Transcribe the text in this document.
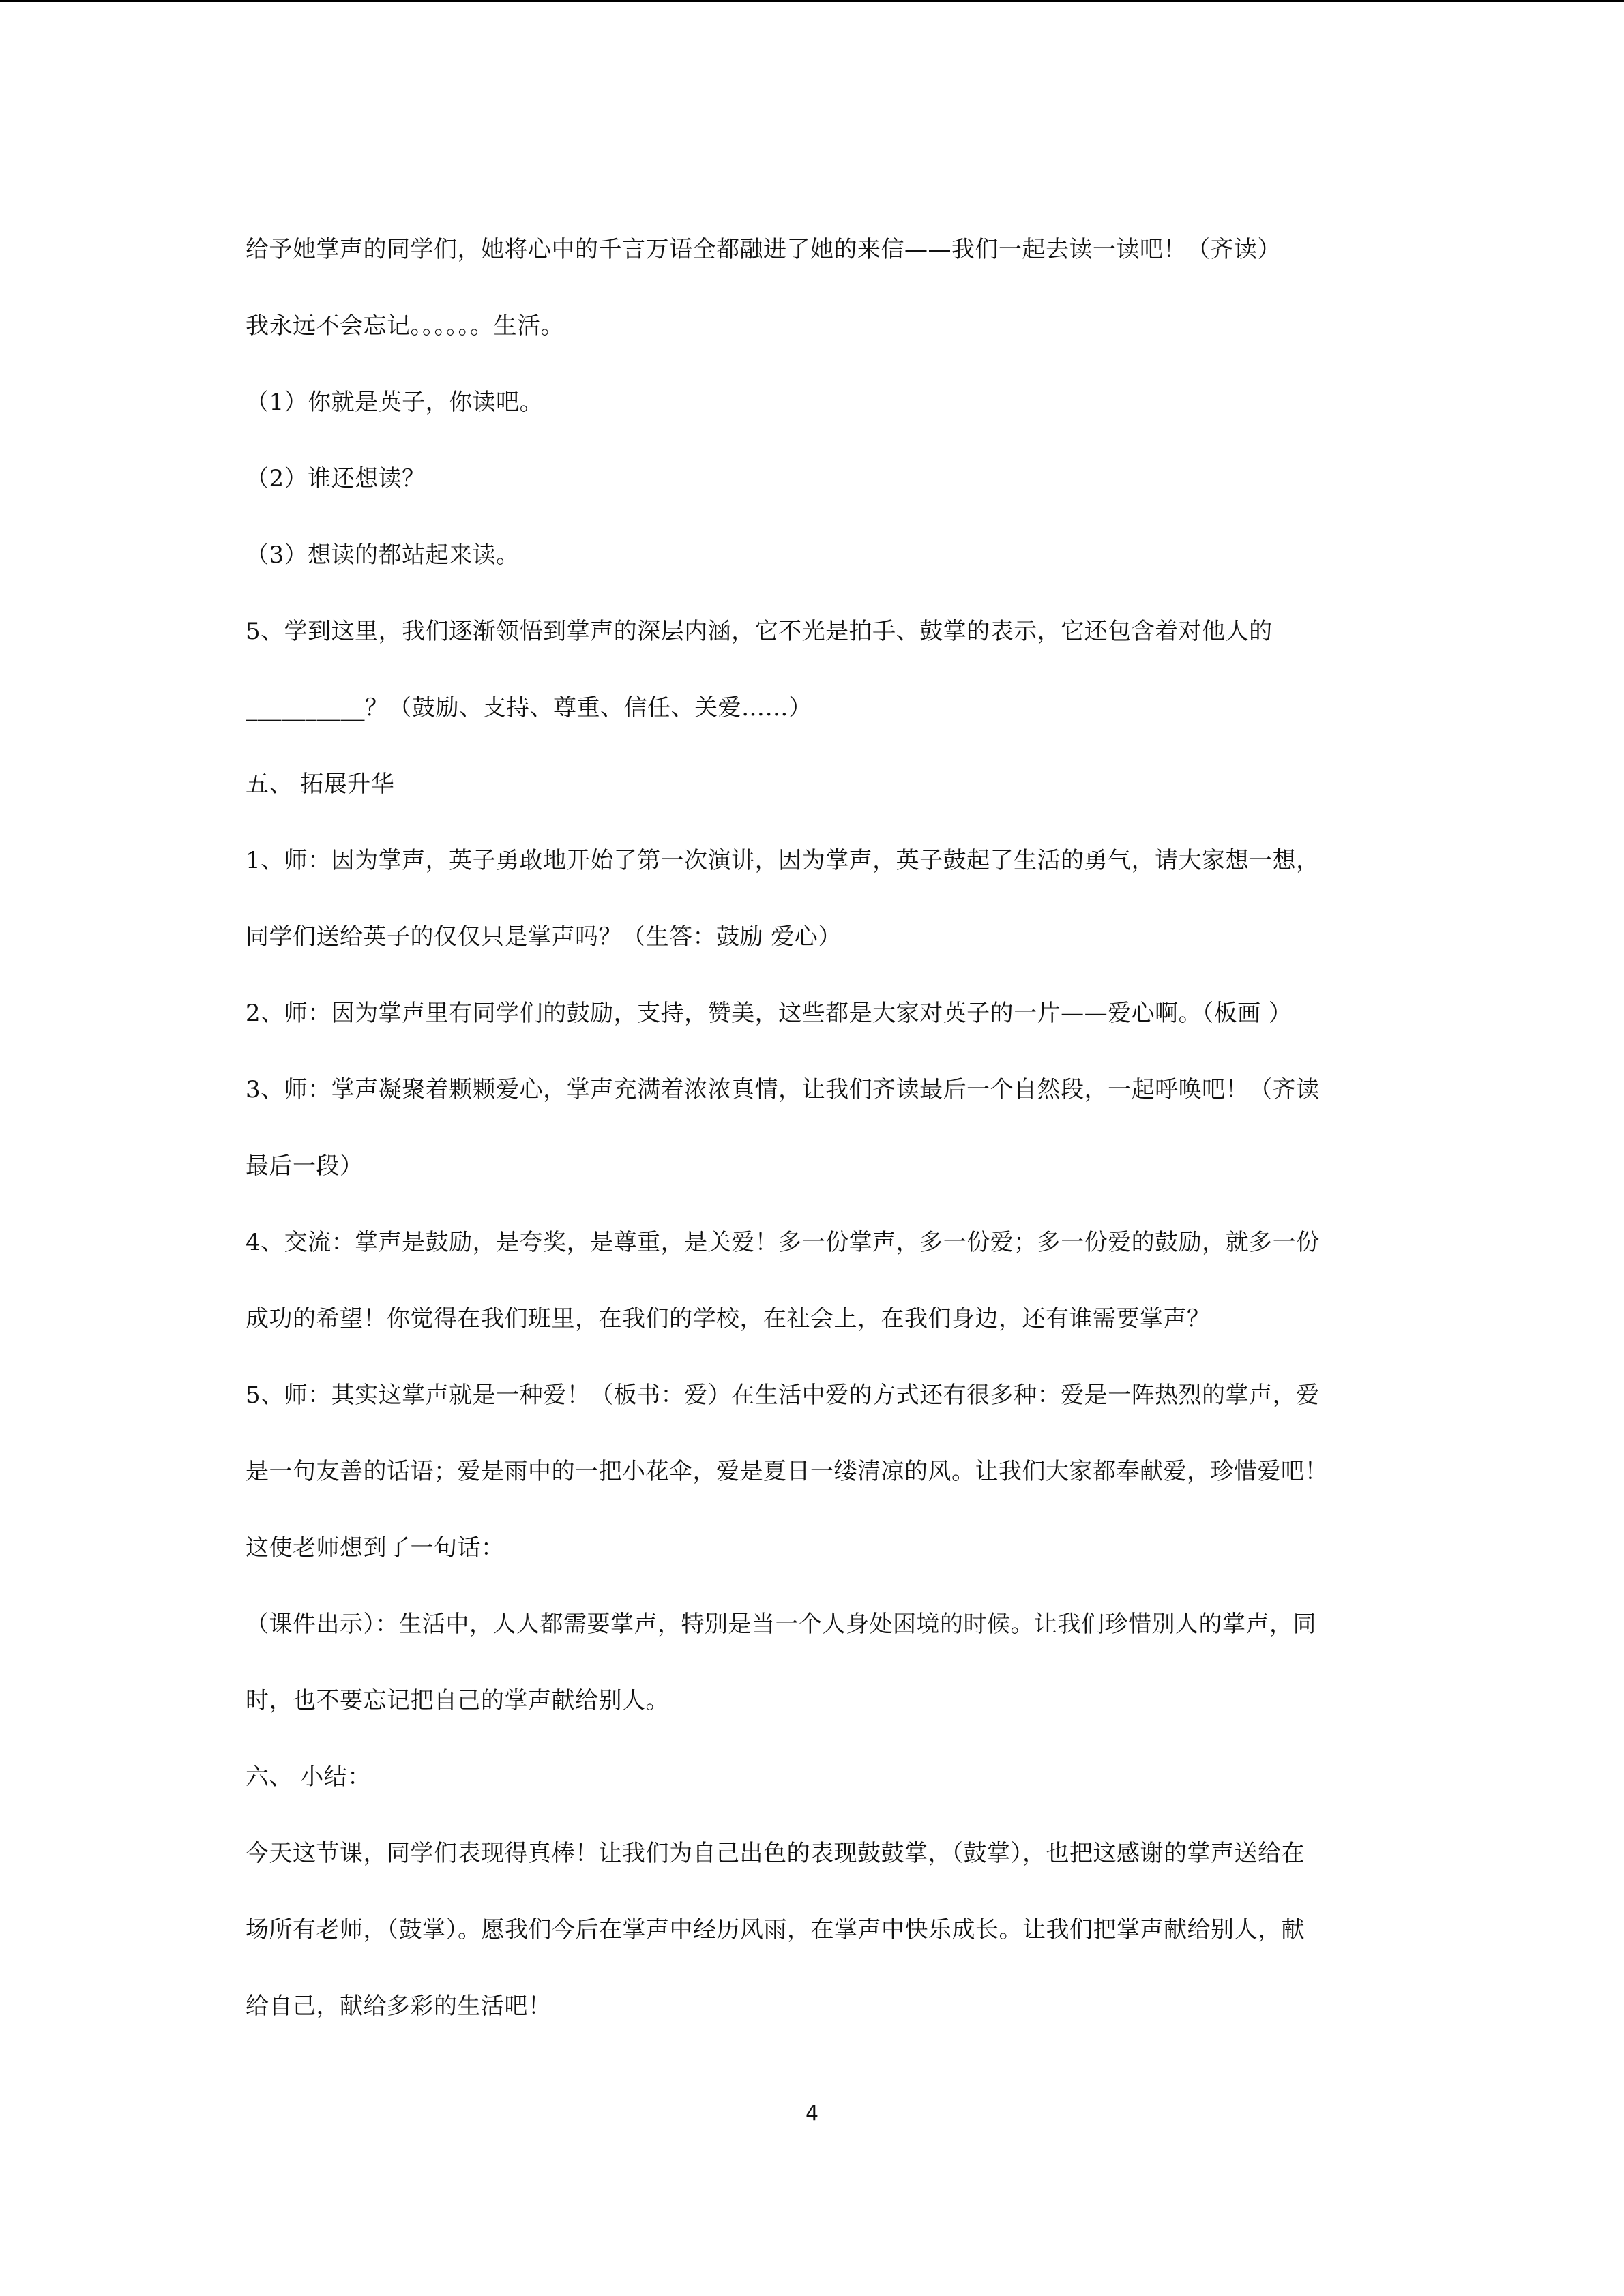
给予她掌声的同学们，她将心中的千言万语全都融进了她的来信——我们一起去读一读吧！（齐读）
我永远不会忘记。。。。。。生活。
（1）你就是英子，你读吧。
（2）谁还想读？
（3）想读的都站起来读。
5、学到这里，我们逐渐领悟到掌声的深层内涵，它不光是拍手、鼓掌的表示，它还包含着对他人的
__________？（鼓励、支持、尊重、信任、关爱……）
五、 拓展升华
1、师：因为掌声，英子勇敢地开始了第一次演讲，因为掌声，英子鼓起了生活的勇气，请大家想一想，
同学们送给英子的仅仅只是掌声吗？（生答：鼓励 爱心）
2、师：因为掌声里有同学们的鼓励，支持，赞美，这些都是大家对英子的一片——爱心啊。（板画 ）
3、师：掌声凝聚着颗颗爱心，掌声充满着浓浓真情，让我们齐读最后一个自然段，一起呼唤吧！（齐读
最后一段）
4、交流：掌声是鼓励，是夸奖，是尊重，是关爱！多一份掌声，多一份爱；多一份爱的鼓励，就多一份
成功的希望！你觉得在我们班里，在我们的学校，在社会上，在我们身边，还有谁需要掌声？
5、师：其实这掌声就是一种爱！（板书：爱）在生活中爱的方式还有很多种：爱是一阵热烈的掌声，爱
是一句友善的话语；爱是雨中的一把小花伞，爱是夏日一缕清凉的风。让我们大家都奉献爱，珍惜爱吧！
这使老师想到了一句话：
（课件出示）：生活中，人人都需要掌声，特别是当一个人身处困境的时候。让我们珍惜别人的掌声，同
时，也不要忘记把自己的掌声献给别人。
六、 小结：
今天这节课，同学们表现得真棒！让我们为自己出色的表现鼓鼓掌，（鼓掌），也把这感谢的掌声送给在
场所有老师，（鼓掌）。愿我们今后在掌声中经历风雨，在掌声中快乐成长。让我们把掌声献给别人，献
给自己，献给多彩的生活吧！
4
